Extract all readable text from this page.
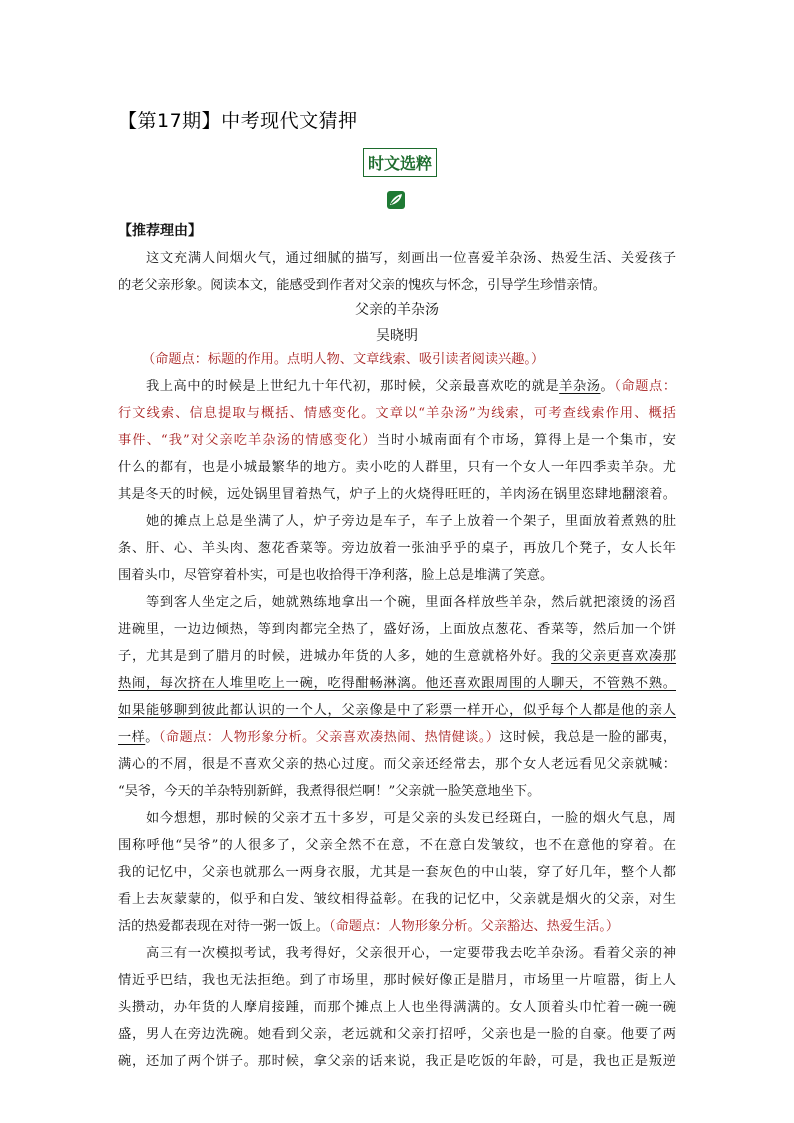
【第17期】中考现代文猜押
时文选粹
【推荐理由】
这文充满人间烟火气，通过细腻的描写，刻画出一位喜爱羊杂汤、热爱生活、关爱孩子
的老父亲形象。阅读本文，能感受到作者对父亲的愧疚与怀念，引导学生珍惜亲情。
父亲的羊杂汤
吴晓明
（命题点：标题的作用。点明人物、文章线索、吸引读者阅读兴趣。）
我上高中的时候是上世纪九十年代初，那时候，父亲最喜欢吃的就是羊杂汤。（命题点：
行文线索、信息提取与概括、情感变化。文章以“羊杂汤”为线索，可考查线索作用、概括
事件、“我”对父亲吃羊杂汤的情感变化）当时小城南面有个市场，算得上是一个集市，安
什么的都有，也是小城最繁华的地方。卖小吃的人群里，只有一个女人一年四季卖羊杂。尤
其是冬天的时候，远处锅里冒着热气，炉子上的火烧得旺旺的，羊肉汤在锅里恣肆地翻滚着。
她的摊点上总是坐满了人，炉子旁边是车子，车子上放着一个架子，里面放着煮熟的肚
条、肝、心、羊头肉、葱花香菜等。旁边放着一张油乎乎的桌子，再放几个凳子，女人长年
围着头巾，尽管穿着朴实，可是也收拾得干净利落，脸上总是堆满了笑意。
等到客人坐定之后，她就熟练地拿出一个碗，里面各样放些羊杂，然后就把滚烫的汤舀
进碗里，一边边倾热，等到肉都完全热了，盛好汤，上面放点葱花、香菜等，然后加一个饼
子，尤其是到了腊月的时候，进城办年货的人多，她的生意就格外好。我的父亲更喜欢凑那
热闹，每次挤在人堆里吃上一碗，吃得酣畅淋漓。他还喜欢跟周围的人聊天，不管熟不熟。
如果能够聊到彼此都认识的一个人，父亲像是中了彩票一样开心，似乎每个人都是他的亲人
一样。（命题点：人物形象分析。父亲喜欢凑热闹、热情健谈。）这时候，我总是一脸的鄙夷，
满心的不屑，很是不喜欢父亲的热心过度。而父亲还经常去，那个女人老远看见父亲就喊：
“吴爷，今天的羊杂特别新鲜，我煮得很烂啊！”父亲就一脸笑意地坐下。
如今想想，那时候的父亲才五十多岁，可是父亲的头发已经斑白，一脸的烟火气息，周
围称呼他“吴爷”的人很多了，父亲全然不在意，不在意白发皱纹，也不在意他的穿着。在
我的记忆中，父亲也就那么一两身衣服，尤其是一套灰色的中山装，穿了好几年，整个人都
看上去灰蒙蒙的，似乎和白发、皱纹相得益彰。在我的记忆中，父亲就是烟火的父亲，对生
活的热爱都表现在对待一粥一饭上。（命题点：人物形象分析。父亲豁达、热爱生活。）
高三有一次模拟考试，我考得好，父亲很开心，一定要带我去吃羊杂汤。看着父亲的神
情近乎巴结，我也无法拒绝。到了市场里，那时候好像正是腊月，市场里一片喧嚣，街上人
头攒动，办年货的人摩肩接踵，而那个摊点上人也坐得满满的。女人顶着头巾忙着一碗一碗
盛，男人在旁边洗碗。她看到父亲，老远就和父亲打招呼，父亲也是一脸的自豪。他要了两
碗，还加了两个饼子。那时候，拿父亲的话来说，我正是吃饭的年龄，可是，我也正是叛逆
